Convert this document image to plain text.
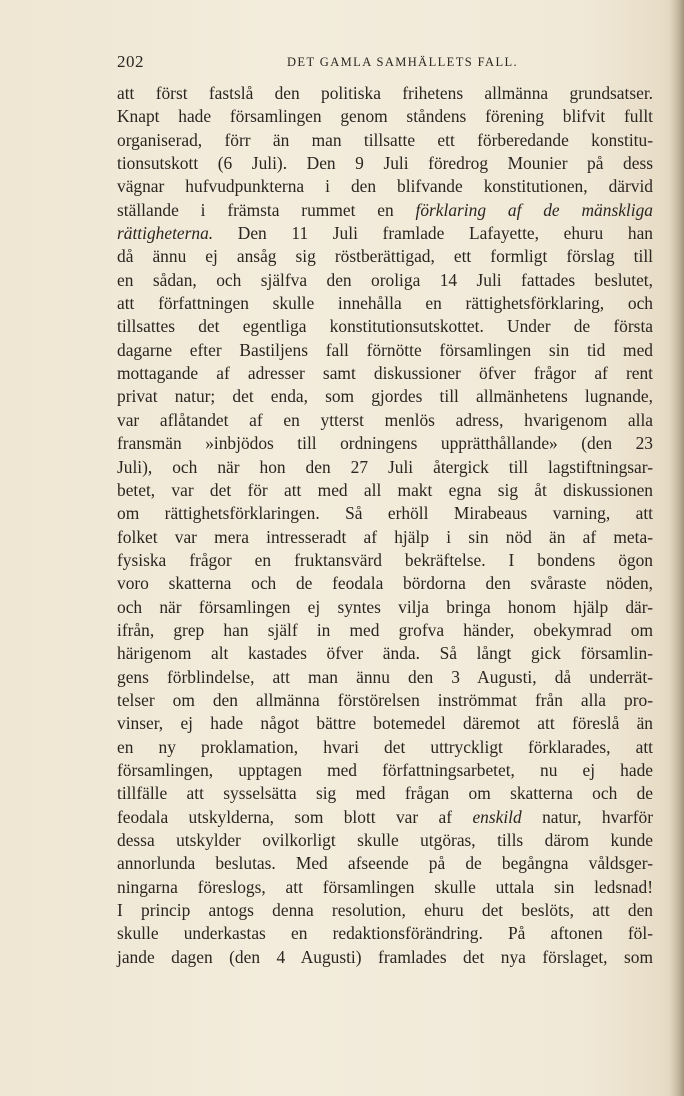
202	DET GAMLA SAMHÄLLETS FALL.
att först fastslå den politiska frihetens allmänna grundsatser.
Knapt hade församlingen genom ståndens förening blifvit fullt
organiserad, förr än man tillsatte ett förberedande konstitu-
tionsutskott (6 Juli). Den 9 Juli föredrog Mounier på dess
vägnar hufvudpunkterna i den blifvande konstitutionen, därvid
ställande i främsta rummet en förklaring af de mänskliga
rättigheterna. Den 11 Juli framlade Lafayette, ehuru han
då ännu ej ansåg sig röstberättigad, ett formligt förslag till
en sådan, och själfva den oroliga 14 Juli fattades beslutet,
att författningen skulle innehålla en rättighetsförklaring, och
tillsattes det egentliga konstitutionsutskottet. Under de första
dagarne efter Bastiljens fall förnötte församlingen sin tid med
mottagande af adresser samt diskussioner öfver frågor af rent
privat natur; det enda, som gjordes till allmänhetens lugnande,
var aflåtandet af en ytterst menlös adress, hvarigenom alla
fransmän »inbjödos till ordningens upprätthållande» (den 23
Juli), och när hon den 27 Juli återgick till lagstiftningsar-
betet, var det för att med all makt egna sig åt diskussionen
om rättighetsförklaringen. Så erhöll Mirabeaus varning, att
folket var mera intresseradt af hjälp i sin nöd än af meta-
fysiska frågor en fruktansvärd bekräftelse. I bondens ögon
voro skatterna och de feodala bördorna den svåraste nöden,
och när församlingen ej syntes vilja bringa honom hjälp där-
ifrån, grep han själf in med grofva händer, obekymrad om
härigenom alt kastades öfver ända. Så långt gick församlin-
gens förblindelse, att man ännu den 3 Augusti, då underrät-
telser om den allmänna förstörelsen inströmmat från alla pro-
vinser, ej hade något bättre botemedel däremot att föreslå än
en ny proklamation, hvari det uttryckligt förklarades, att
församlingen, upptagen med författningsarbetet, nu ej hade
tillfälle att sysselsätta sig med frågan om skatterna och de
feodala utskylderna, som blott var af enskild natur, hvarför
dessa utskylder ovilkorligt skulle utgöras, tills därom kunde
annorlunda beslutas. Med afseende på de begångna våldsger-
ningarna föreslogs, att församlingen skulle uttala sin ledsnad!
I princip antogs denna resolution, ehuru det beslöts, att den
skulle underkastas en redaktionsförändring. På aftonen föl-
jande dagen (den 4 Augusti) framlades det nya förslaget, som
